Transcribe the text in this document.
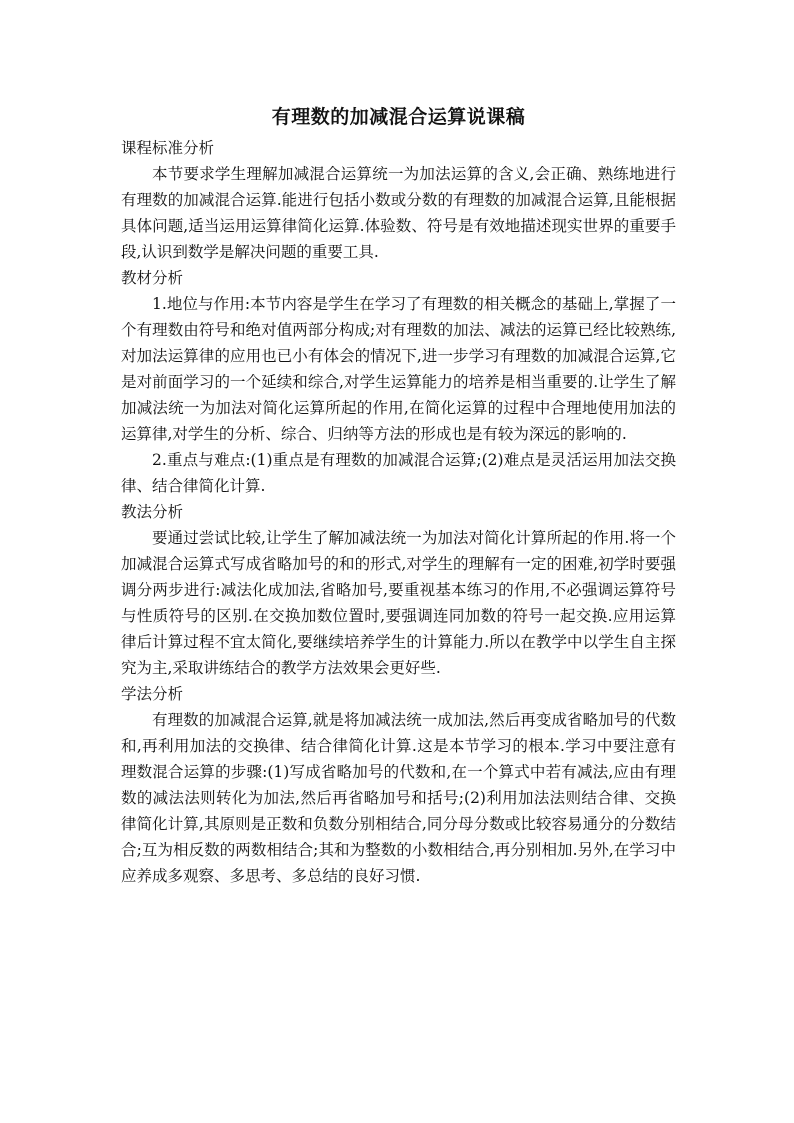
有理数的加减混合运算说课稿

课程标准分析

本节要求学生理解加减混合运算统一为加法运算的含义,会正确、熟练地进行有理数的加减混合运算.能进行包括小数或分数的有理数的加减混合运算,且能根据具体问题,适当运用运算律简化运算.体验数、符号是有效地描述现实世界的重要手段,认识到数学是解决问题的重要工具.

教材分析

1.地位与作用:本节内容是学生在学习了有理数的相关概念的基础上,掌握了一个有理数由符号和绝对值两部分构成;对有理数的加法、减法的运算已经比较熟练,对加法运算律的应用也已小有体会的情况下,进一步学习有理数的加减混合运算,它是对前面学习的一个延续和综合,对学生运算能力的培养是相当重要的.让学生了解加减法统一为加法对简化运算所起的作用,在简化运算的过程中合理地使用加法的运算律,对学生的分析、综合、归纳等方法的形成也是有较为深远的影响的.

2.重点与难点:(1)重点是有理数的加减混合运算;(2)难点是灵活运用加法交换律、结合律简化计算.

教法分析

要通过尝试比较,让学生了解加减法统一为加法对简化计算所起的作用.将一个加减混合运算式写成省略加号的和的形式,对学生的理解有一定的困难,初学时要强调分两步进行:减法化成加法,省略加号,要重视基本练习的作用,不必强调运算符号与性质符号的区别.在交换加数位置时,要强调连同加数的符号一起交换.应用运算律后计算过程不宜太简化,要继续培养学生的计算能力.所以在教学中以学生自主探究为主,采取讲练结合的教学方法效果会更好些.

学法分析

有理数的加减混合运算,就是将加减法统一成加法,然后再变成省略加号的代数和,再利用加法的交换律、结合律简化计算.这是本节学习的根本.学习中要注意有理数混合运算的步骤:(1)写成省略加号的代数和,在一个算式中若有减法,应由有理数的减法法则转化为加法,然后再省略加号和括号;(2)利用加法法则结合律、交换律简化计算,其原则是正数和负数分别相结合,同分母分数或比较容易通分的分数结合;互为相反数的两数相结合;其和为整数的小数相结合,再分别相加.另外,在学习中应养成多观察、多思考、多总结的良好习惯.
